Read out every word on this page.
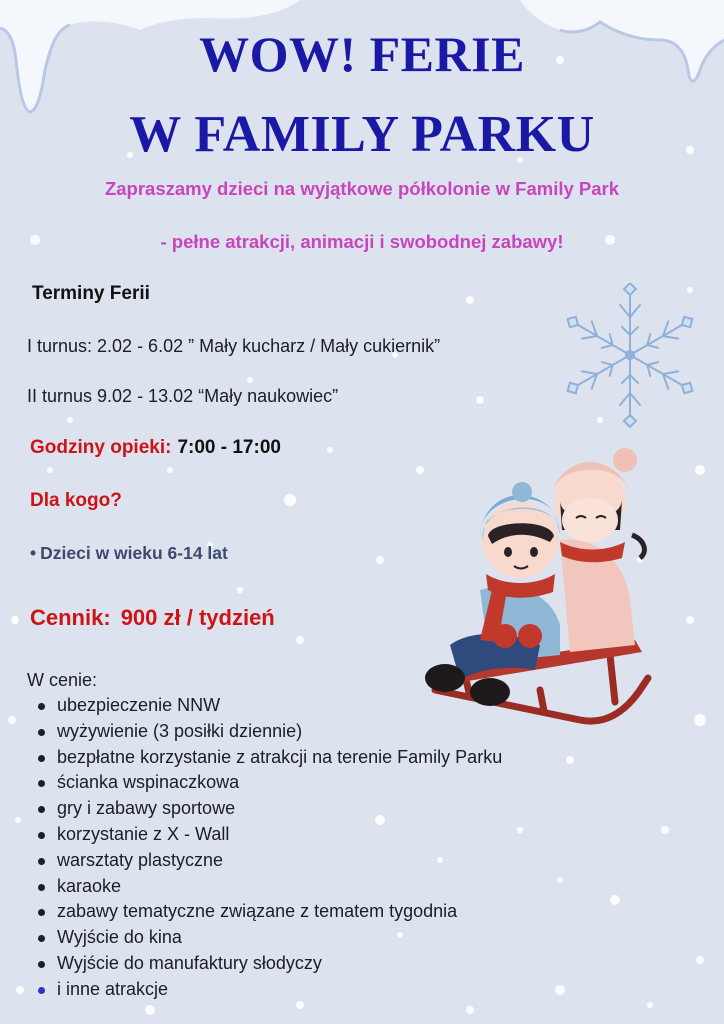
WOW! FERIE
W FAMILY PARKU

Zapraszamy dzieci na wyjątkowe półkolonie w Family Park

- pełne atrakcji, animacji i swobodnej zabawy!

Terminy Ferii

I turnus: 2.02 - 6.02 ” Mały kucharz / Mały cukiernik”

II turnus 9.02 - 13.02 “Mały naukowiec”

Godziny opieki: 7:00 - 17:00

Dla kogo?

• Dzieci w wieku 6-14 lat

Cennik: 900 zł / tydzień

W cenie:

ubezpieczenie NNW
wyżywienie (3 posiłki dziennie)
bezpłatne korzystanie z atrakcji na terenie Family Parku
ścianka wspinaczkowa
gry i zabawy sportowe
korzystanie z X - Wall
warsztaty plastyczne
karaoke
zabawy tematyczne związane z tematem tygodnia
Wyjście do kina
Wyjście do manufaktury słodyczy
i inne atrakcje
